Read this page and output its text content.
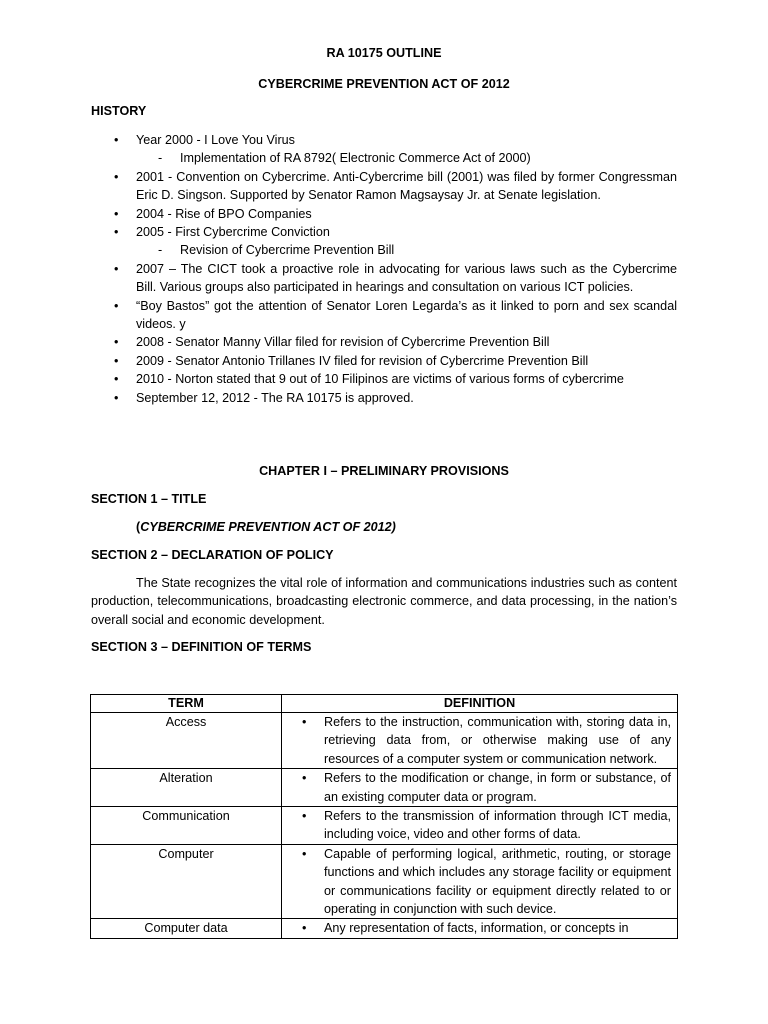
RA 10175 OUTLINE
CYBERCRIME PREVENTION ACT OF 2012
HISTORY
• Year 2000 - I Love You Virus
- Implementation of RA 8792( Electronic Commerce Act of 2000)
• 2001 - Convention on Cybercrime. Anti-Cybercrime bill (2001) was filed by former Congressman Eric D. Singson. Supported by Senator Ramon Magsaysay Jr. at Senate legislation.
• 2004 - Rise of BPO Companies
• 2005 - First Cybercrime Conviction
- Revision of Cybercrime Prevention Bill
• 2007 – The CICT took a proactive role in advocating for various laws such as the Cybercrime Bill. Various groups also participated in hearings and consultation on various ICT policies.
• “Boy Bastos” got the attention of Senator Loren Legarda’s as it linked to porn and sex scandal videos. y
• 2008 - Senator Manny Villar filed for revision of Cybercrime Prevention Bill
• 2009 - Senator Antonio Trillanes IV filed for revision of Cybercrime Prevention Bill
• 2010 - Norton stated that 9 out of 10 Filipinos are victims of various forms of cybercrime
• September 12, 2012 - The RA 10175 is approved.
CHAPTER I – PRELIMINARY PROVISIONS
SECTION 1 – TITLE
(CYBERCRIME PREVENTION ACT OF 2012)
SECTION 2 – DECLARATION OF POLICY
The State recognizes the vital role of information and communications industries such as content production, telecommunications, broadcasting electronic commerce, and data processing, in the nation’s overall social and economic development.
SECTION 3 – DEFINITION OF TERMS
TERM	DEFINITION
Access	• Refers to the instruction, communication with, storing data in, retrieving data from, or otherwise making use of any resources of a computer system or communication network.
Alteration	• Refers to the modification or change, in form or substance, of an existing computer data or program.
Communication	• Refers to the transmission of information through ICT media, including voice, video and other forms of data.
Computer	• Capable of performing logical, arithmetic, routing, or storage functions and which includes any storage facility or equipment or communications facility or equipment directly related to or operating in conjunction with such device.
Computer data	• Any representation of facts, information, or concepts in
